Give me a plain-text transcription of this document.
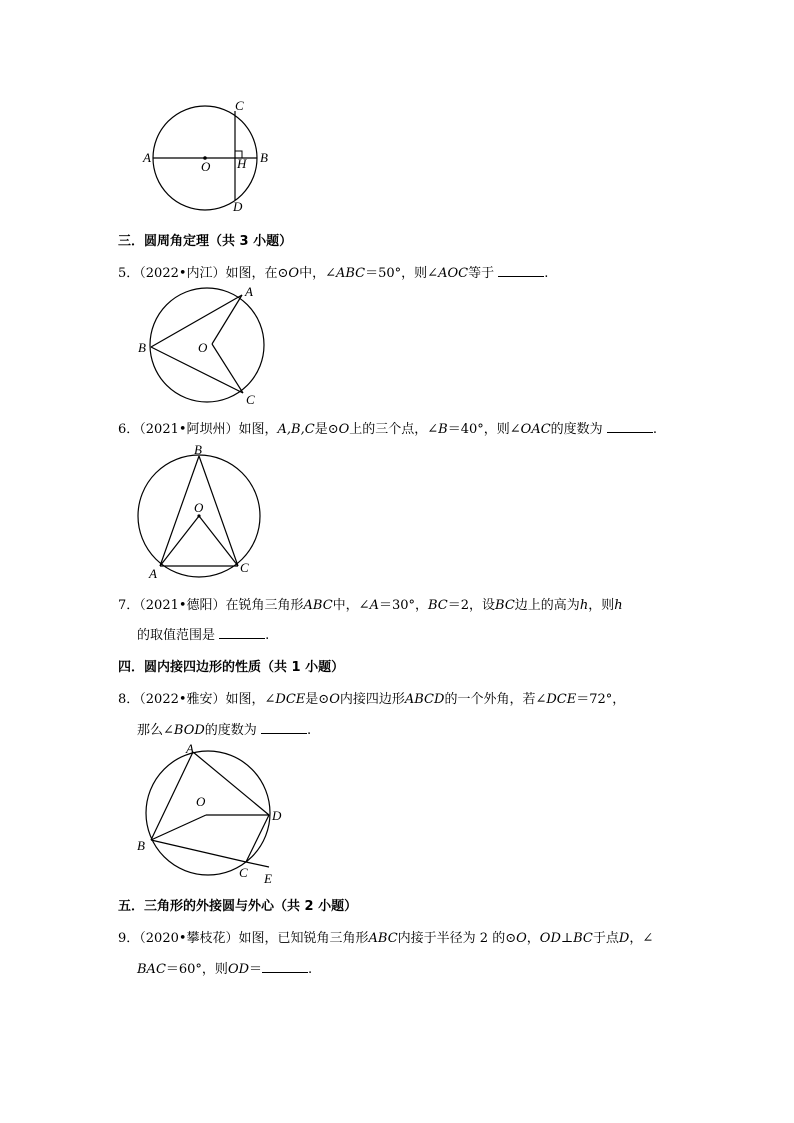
A	B
C
D
O H
三．圆周角定理（共 3 小题）
5．（2022•内江）如图，在⊙O中，∠ABC＝50°，则∠AOC等于	.
A
B
C
O
6．（2021•阿坝州）如图，A,B,C是⊙O上的三个点，∠B＝40°，则∠OAC的度数为	.
B
O
A	C
7．（2021•德阳）在锐角三角形ABC中，∠A＝30°，BC＝2，设BC边上的高为h，则h
的取值范围是	.
四．圆内接四边形的性质（共 1 小题）
8．（2022•雅安）如图，∠DCE是⊙O内接四边形ABCD的一个外角，若∠DCE＝72°，
那么∠BOD的度数为	.
A
O
D
B
C E
五．三角形的外接圆与外心（共 2 小题）
9．（2020•攀枝花）如图，已知锐角三角形ABC内接于半径为 2 的⊙O，OD⊥BC于点D，∠
BAC＝60°，则OD＝	.
